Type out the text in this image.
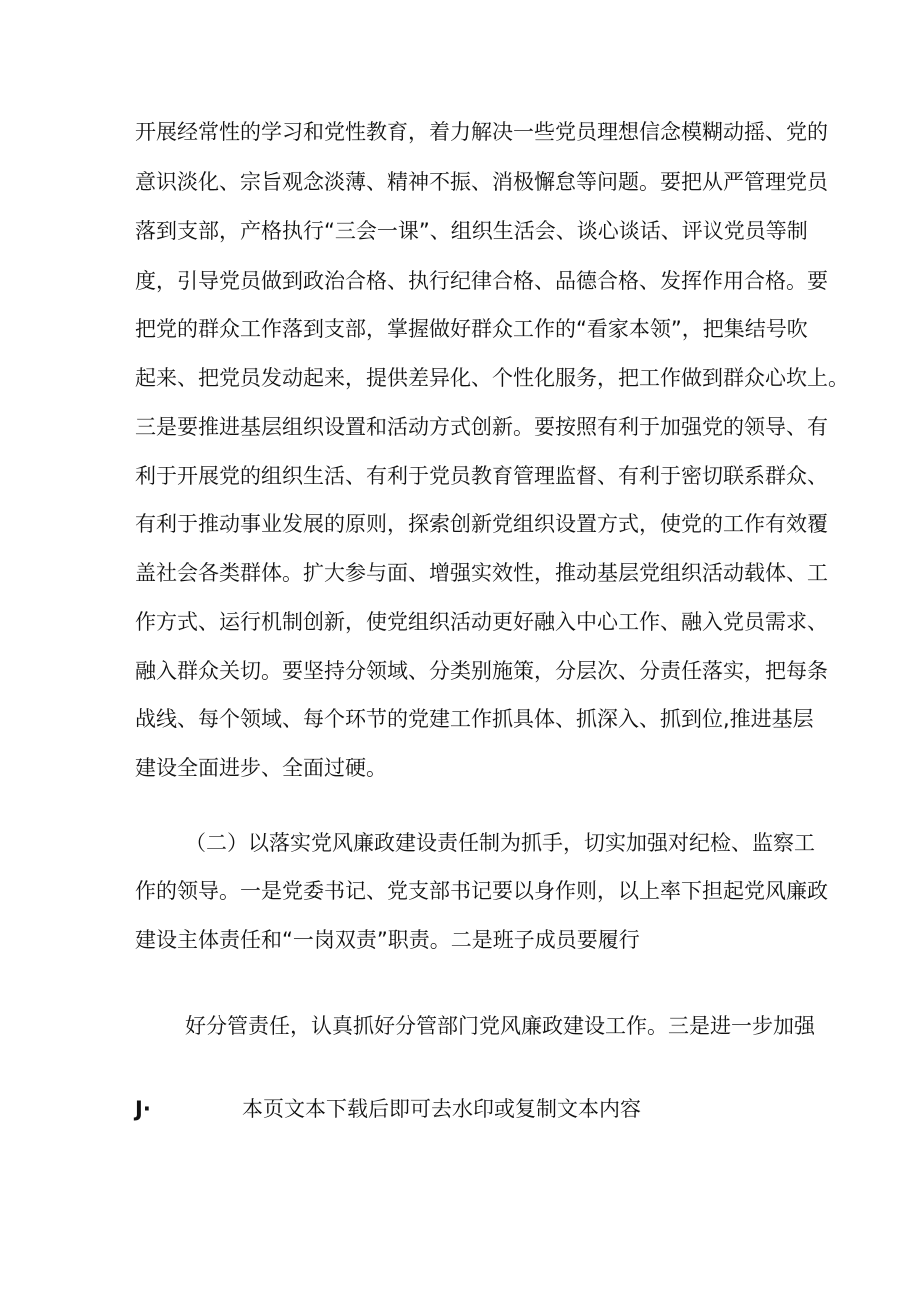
开展经常性的学习和党性教育，着力解决一些党员理想信念模糊动摇、党的
意识淡化、宗旨观念淡薄、精神不振、消极懈怠等问题。要把从严管理党员
落到支部，产格执行“三会一课”、组织生活会、谈心谈话、评议党员等制
度，引导党员做到政治合格、执行纪律合格、品德合格、发挥作用合格。要
把党的群众工作落到支部，掌握做好群众工作的“看家本领”，把集结号吹
起来、把党员发动起来，提供差异化、个性化服务，把工作做到群众心坎上。
三是要推进基层组织设置和活动方式创新。要按照有利于加强党的领导、有
利于开展党的组织生活、有利于党员教育管理监督、有利于密切联系群众、
有利于推动事业发展的原则，探索创新党组织设置方式，使党的工作有效覆
盖社会各类群体。扩大参与面、增强实效性，推动基层党组织活动载体、工
作方式、运行机制创新，使党组织活动更好融入中心工作、融入党员需求、
融入群众关切。要坚持分领域、分类别施策，分层次、分责任落实，把每条
战线、每个领域、每个环节的党建工作抓具体、抓深入、抓到位,推进基层
建设全面进步、全面过硬。
（二）以落实党风廉政建设责任制为抓手，切实加强对纪检、监察工
作的领导。一是党委书记、党支部书记要以身作则，以上率下担起党风廉政
建设主体责任和“一岗双责”职责。二是班子成员要履行
好分管责任，认真抓好分管部门党风廉政建设工作。三是进一步加强
J·	本页文本下载后即可去水印或复制文本内容
